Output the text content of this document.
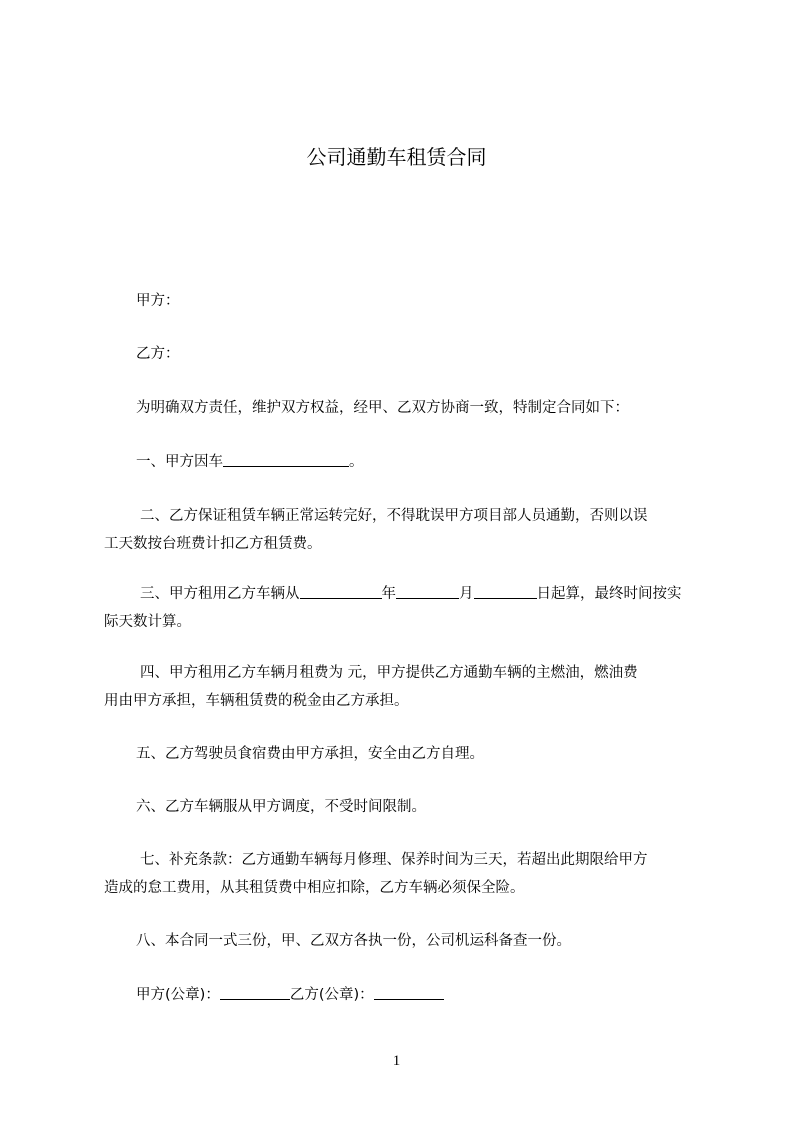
公司通勤车租赁合同
甲方：
乙方：
为明确双方责任，维护双方权益，经甲、乙双方协商一致，特制定合同如下：
一、甲方因车	。
二、乙方保证租赁车辆正常运转完好，不得耽误甲方项目部人员通勤，否则以误
工天数按台班费计扣乙方租赁费。
三、甲方租用乙方车辆从	年	月	日起算，最终时间按实
际天数计算。
四、甲方租用乙方车辆月租费为 元，甲方提供乙方通勤车辆的主燃油，燃油费
用由甲方承担，车辆租赁费的税金由乙方承担。
五、乙方驾驶员食宿费由甲方承担，安全由乙方自理。
六、乙方车辆服从甲方调度，不受时间限制。
七、补充条款：乙方通勤车辆每月修理、保养时间为三天，若超出此期限给甲方
造成的怠工费用，从其租赁费中相应扣除，乙方车辆必须保全险。
八、本合同一式三份，甲、乙双方各执一份，公司机运科备查一份。
甲方(公章)：	乙方(公章)：
1
